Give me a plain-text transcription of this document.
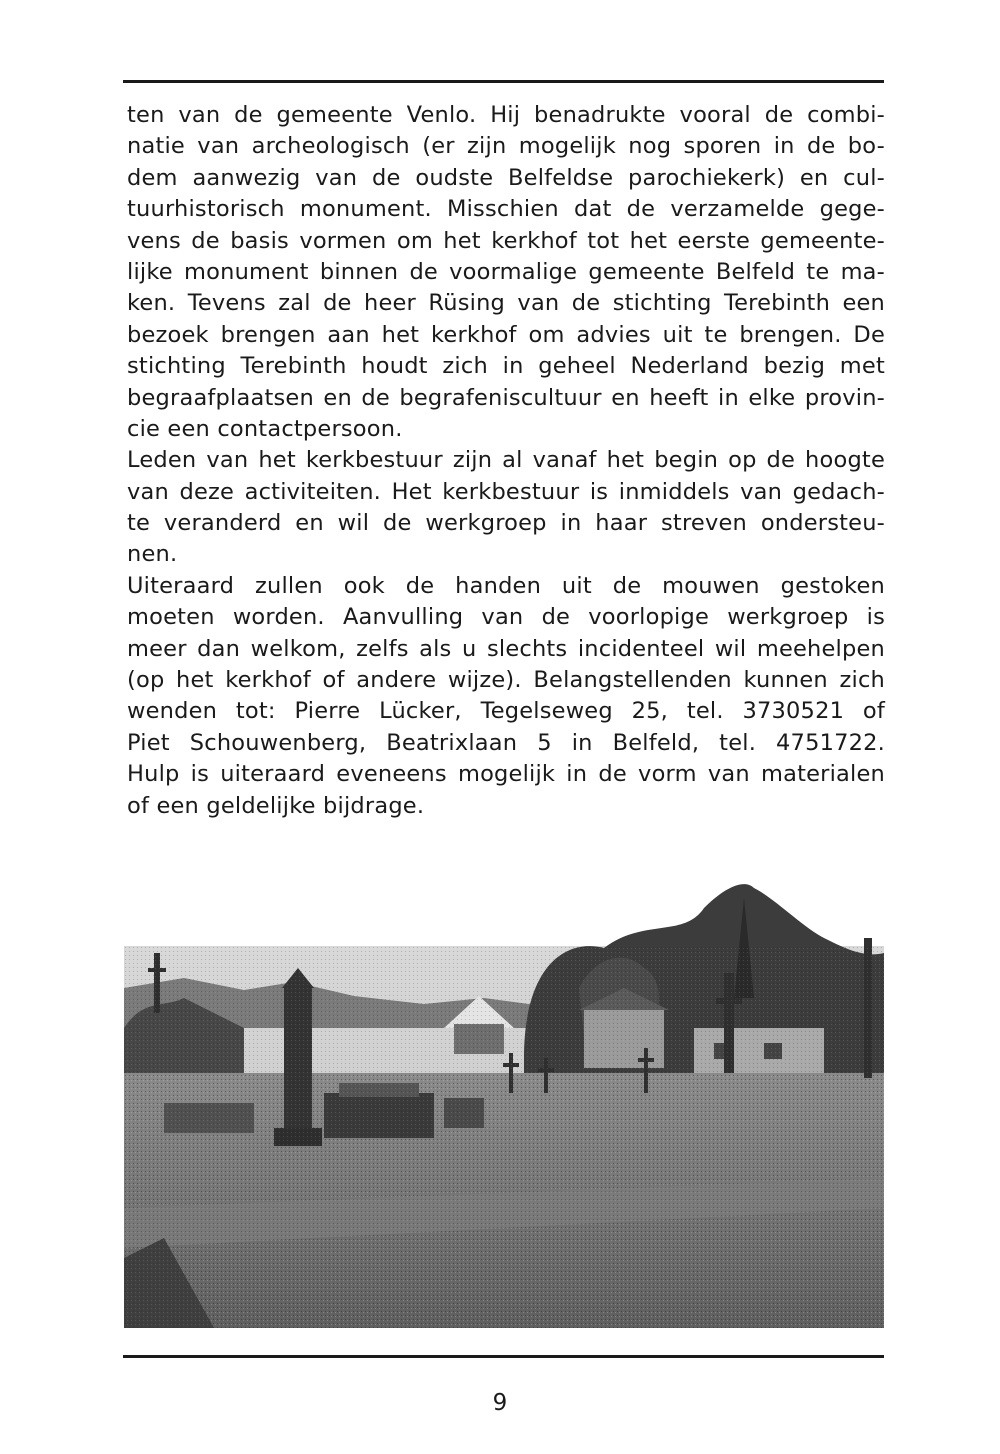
ten van de gemeente Venlo. Hij benadrukte vooral de combi-
natie van archeologisch (er zijn mogelijk nog sporen in de bo-
dem aanwezig van de oudste Belfeldse parochiekerk) en cul-
tuurhistorisch monument. Misschien dat de verzamelde gege-
vens de basis vormen om het kerkhof tot het eerste gemeente-
lijke monument binnen de voormalige gemeente Belfeld te ma-
ken. Tevens zal de heer Rüsing van de stichting Terebinth een
bezoek brengen aan het kerkhof om advies uit te brengen. De
stichting Terebinth houdt zich in geheel Nederland bezig met
begraafplaatsen en de begrafeniscultuur en heeft in elke provin-
cie een contactpersoon.
Leden van het kerkbestuur zijn al vanaf het begin op de hoogte
van deze activiteiten. Het kerkbestuur is inmiddels van gedach-
te veranderd en wil de werkgroep in haar streven ondersteu-
nen.
Uiteraard zullen ook de handen uit de mouwen gestoken
moeten worden. Aanvulling van de voorlopige werkgroep is
meer dan welkom, zelfs als u slechts incidenteel wil meehelpen
(op het kerkhof of andere wijze). Belangstellenden kunnen zich
wenden tot: Pierre Lücker, Tegelseweg 25, tel. 3730521 of
Piet Schouwenberg, Beatrixlaan 5 in Belfeld, tel. 4751722.
Hulp is uiteraard eveneens mogelijk in de vorm van materialen
of een geldelijke bijdrage.
9
